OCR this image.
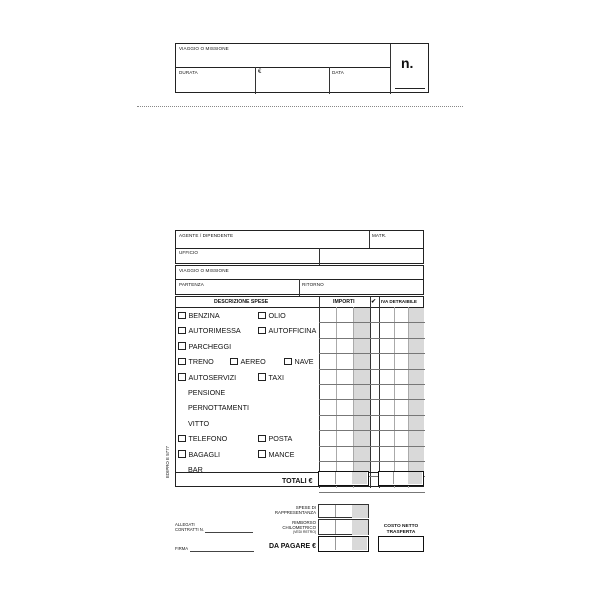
VIAGGIO O MISSIONE
DURATA	€	DATA
n.
AGENTE / DIPENDENTE	MATR.
UFFICIO
VIAGGIO O MISSIONE
PARTENZA	RITORNO
DESCRIZIONE SPESE	IMPORTI	✔ IVA DETRAIBILE
BENZINA	OLIO
AUTORIMESSA	AUTOFFICINA
PARCHEGGI
TRENO	AEREO	NAVE
AUTOSERVIZI	TAXI
PENSIONE
PERNOTTAMENTI
VITTO
TELEFONO	POSTA
BAGAGLI	MANCE
BAR
TOTALI €
EDIPRO E 5777
SPESE DI RAPPRESENTANZA
RIMBORSO
CHILOMETRICO
(VEDI RETRO)
COSTO NETTO
TRASFERTA
ALLEGATI
CONTRATTI N.
FIRMA	DA PAGARE €
